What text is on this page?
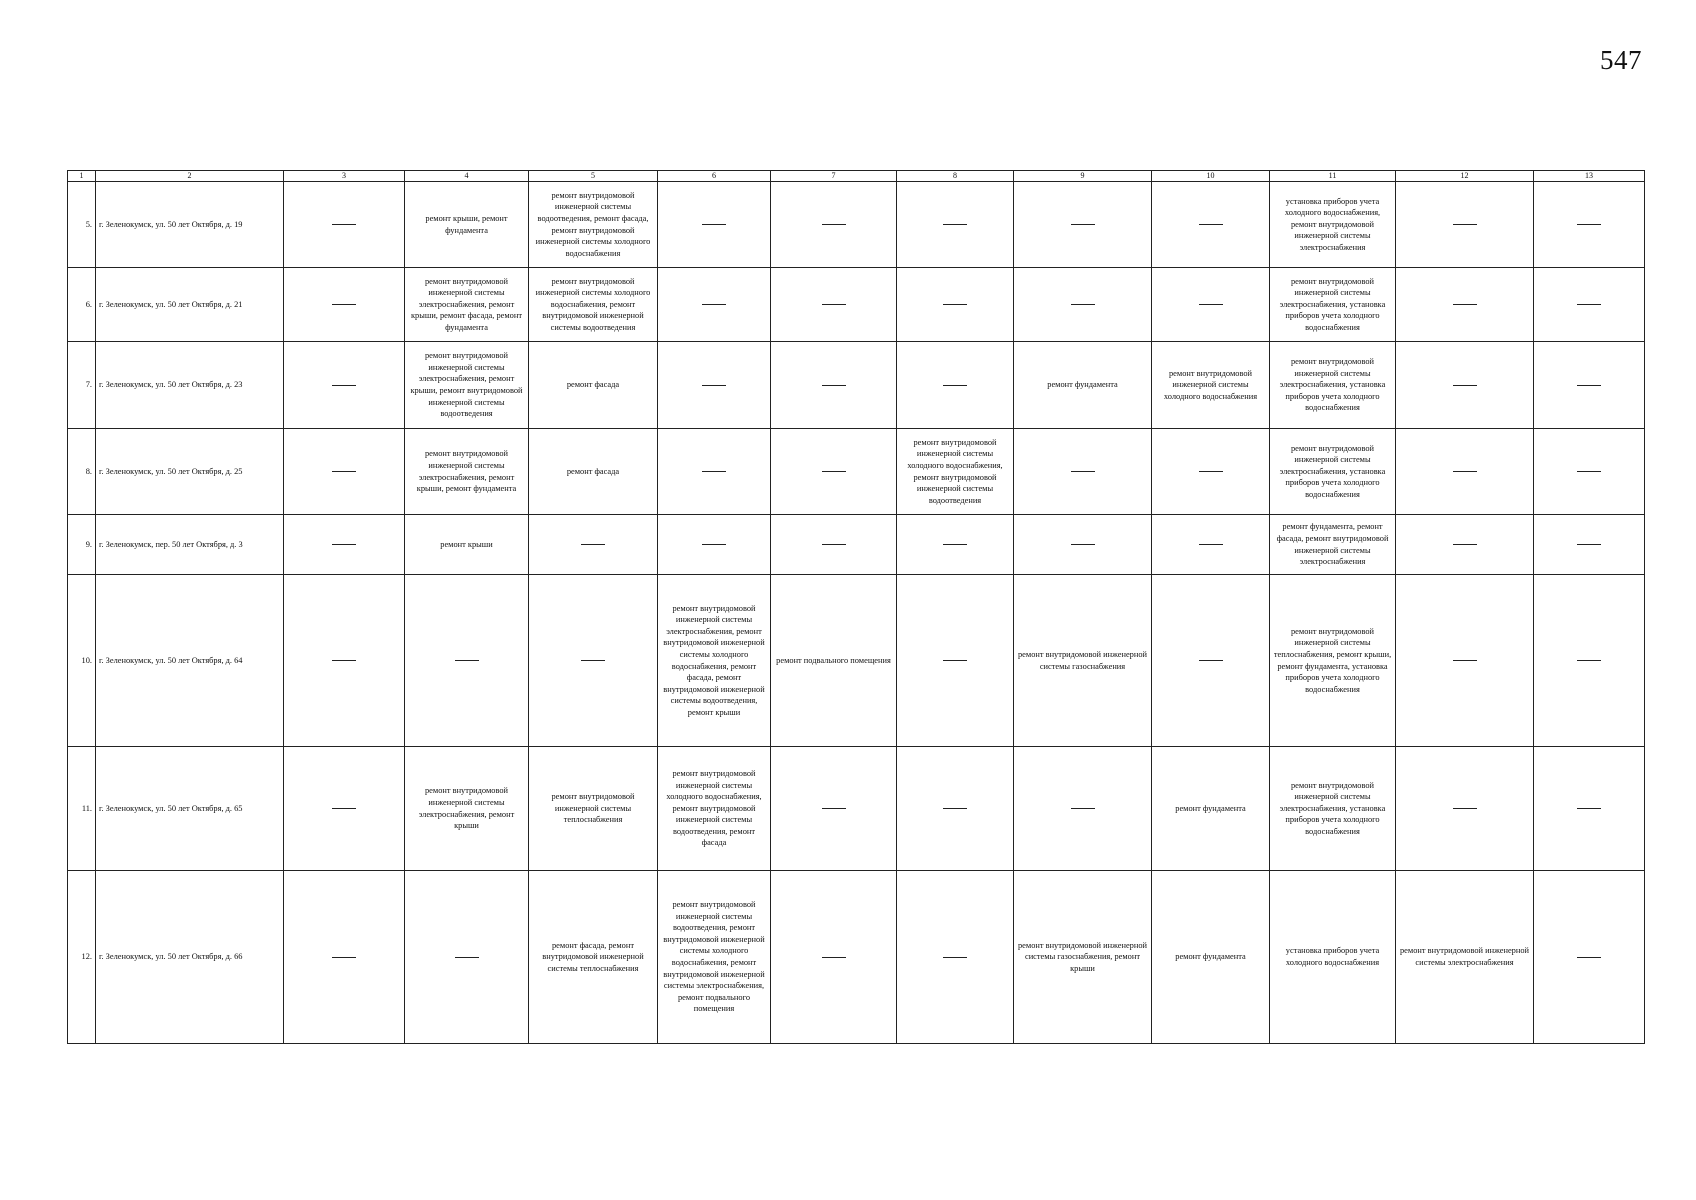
547
1	2	3	4	5	6	7	8	9	10	11	12	13
5.	г. Зеленокумск, ул. 50 лет Октября, д. 19		ремонт крыши, ремонт фундамента	ремонт внутридомовой инженерной системы водоотведения, ремонт фасада, ремонт внутридомовой инженерной системы холодного водоснабжения						установка приборов учета холодного водоснабжения, ремонт внутридомовой инженерной системы электроснабжения		
6.	г. Зеленокумск, ул. 50 лет Октября, д. 21		ремонт внутридомовой инженерной системы электроснабжения, ремонт крыши, ремонт фасада, ремонт фундамента	ремонт внутридомовой инженерной системы холодного водоснабжения, ремонт внутридомовой инженерной системы водоотведения						ремонт внутридомовой инженерной системы электроснабжения, установка приборов учета холодного водоснабжения		
7.	г. Зеленокумск, ул. 50 лет Октября, д. 23		ремонт внутридомовой инженерной системы электроснабжения, ремонт крыши, ремонт внутридомовой инженерной системы водоотведения	ремонт фасада				ремонт фундамента	ремонт внутридомовой инженерной системы холодного водоснабжения	ремонт внутридомовой инженерной системы электроснабжения, установка приборов учета холодного водоснабжения		
8.	г. Зеленокумск, ул. 50 лет Октября, д. 25		ремонт внутридомовой инженерной системы электроснабжения, ремонт крыши, ремонт фундамента	ремонт фасада			ремонт внутридомовой инженерной системы холодного водоснабжения, ремонт внутридомовой инженерной системы водоотведения			ремонт внутридомовой инженерной системы электроснабжения, установка приборов учета холодного водоснабжения		
9.	г. Зеленокумск, пер. 50 лет Октября, д. 3		ремонт крыши							ремонт фундамента, ремонт фасада, ремонт внутридомовой инженерной системы электроснабжения		
10.	г. Зеленокумск, ул. 50 лет Октября, д. 64				ремонт внутридомовой инженерной системы электроснабжения, ремонт внутридомовой инженерной системы холодного водоснабжения, ремонт фасада, ремонт внутридомовой инженерной системы водоотведения, ремонт крыши	ремонт подвального помещения		ремонт внутридомовой инженерной системы газоснабжения		ремонт внутридомовой инженерной системы теплоснабжения, ремонт крыши, ремонт фундамента, установка приборов учета холодного водоснабжения		
11.	г. Зеленокумск, ул. 50 лет Октября, д. 65		ремонт внутридомовой инженерной системы электроснабжения, ремонт крыши	ремонт внутридомовой инженерной системы теплоснабжения	ремонт внутридомовой инженерной системы холодного водоснабжения, ремонт внутридомовой инженерной системы водоотведения, ремонт фасада				ремонт фундамента	ремонт внутридомовой инженерной системы электроснабжения, установка приборов учета холодного водоснабжения		
12.	г. Зеленокумск, ул. 50 лет Октября, д. 66			ремонт фасада, ремонт внутридомовой инженерной системы теплоснабжения	ремонт внутридомовой инженерной системы водоотведения, ремонт внутридомовой инженерной системы холодного водоснабжения, ремонт внутридомовой инженерной системы электроснабжения, ремонт подвального помещения			ремонт внутридомовой инженерной системы газоснабжения, ремонт крыши	ремонт фундамента	установка приборов учета холодного водоснабжения	ремонт внутридомовой инженерной системы электроснабжения	
